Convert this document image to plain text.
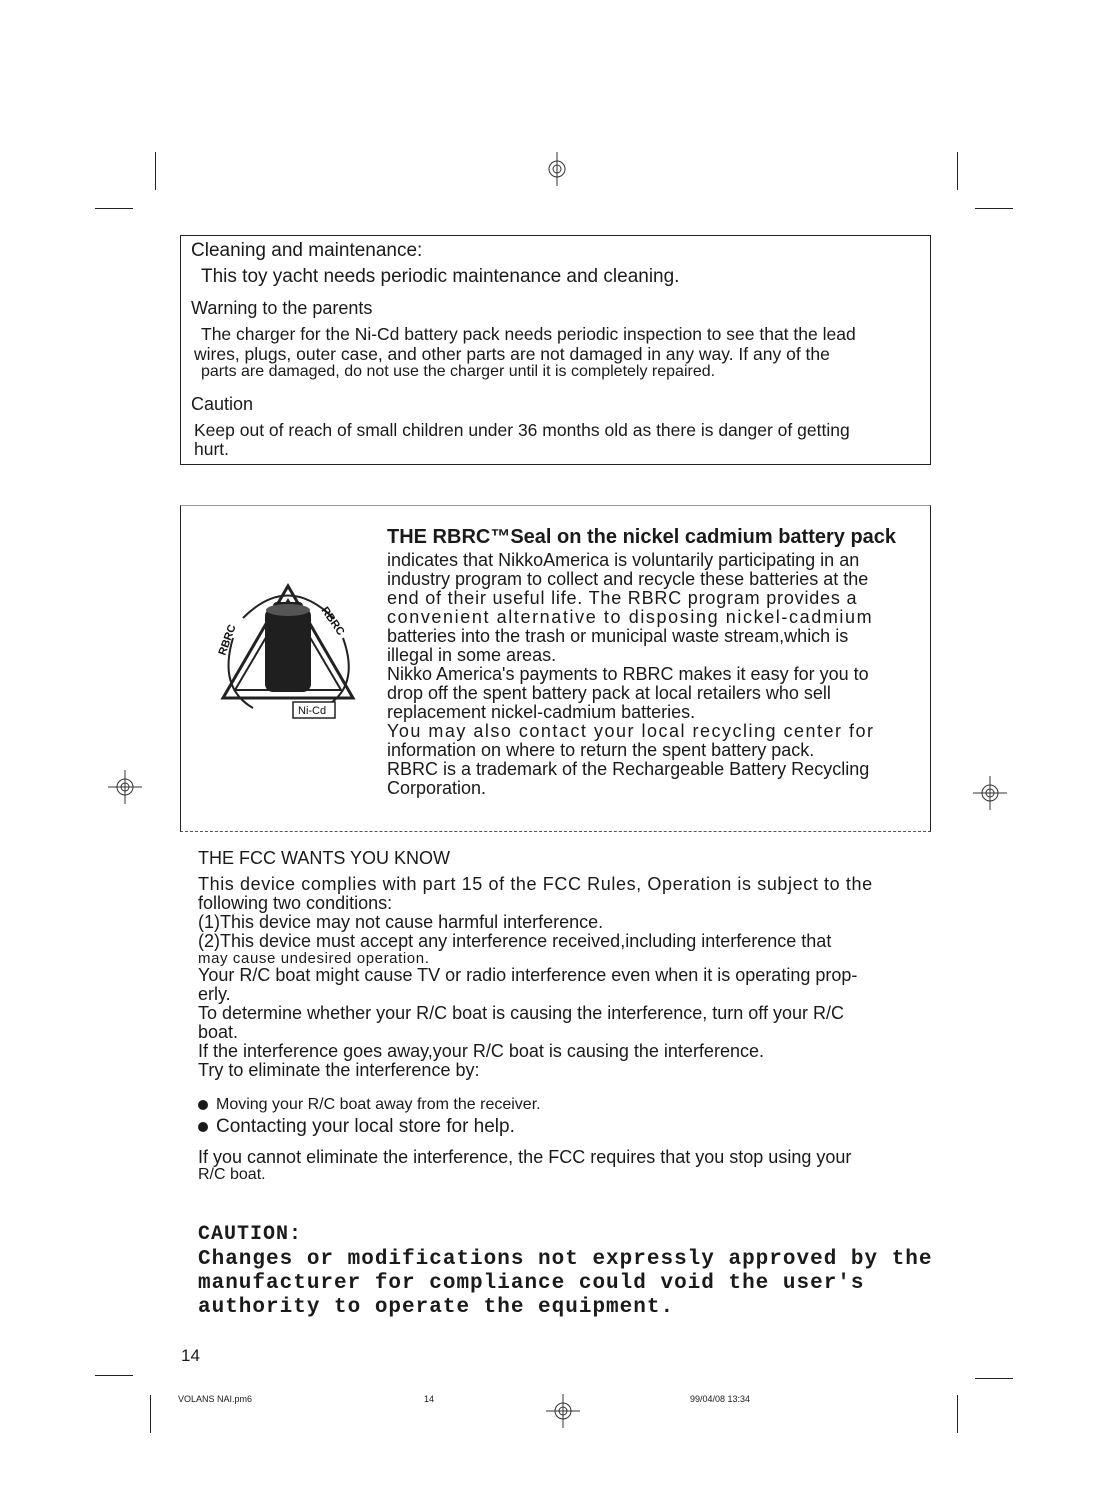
Cleaning and maintenance:
This toy yacht needs periodic maintenance and cleaning.
Warning to the parents
The charger for the Ni-Cd battery pack needs periodic inspection to see that the lead
wires, plugs, outer case, and other parts are not damaged in any way. If any of the
parts are damaged, do not use the charger until it is completely repaired.
Caution
Keep out of reach of small children under 36 months old as there is danger of getting
hurt.
RBRC
RBRC
Ni-Cd
THE RBRC™Seal on the nickel cadmium battery pack
indicates that NikkoAmerica is voluntarily participating in an
industry program to collect and recycle these batteries at the
end of their useful life. The RBRC program provides a
convenient alternative to disposing nickel-cadmium
batteries into the trash or municipal waste stream,which is
illegal in some areas.
Nikko America's payments to RBRC makes it easy for you to
drop off the spent battery pack at local retailers who sell
replacement nickel-cadmium batteries.
You may also contact your local recycling center for
information on where to return the spent battery pack.
RBRC is a trademark of the Rechargeable Battery Recycling
Corporation.
THE FCC WANTS YOU KNOW
This device complies with part 15 of the FCC Rules, Operation is subject to the
following two conditions:
(1)This device may not cause harmful interference.
(2)This device must accept any interference received,including interference that
may cause undesired operation.
Your R/C boat might cause TV or radio interference even when it is operating prop-
erly.
To determine whether your R/C boat is causing the interference, turn off your R/C
boat.
If the interference goes away,your R/C boat is causing the interference.
Try to eliminate the interference by:
Moving your R/C boat away from the receiver.
Contacting your local store for help.
If you cannot eliminate the interference, the FCC requires that you stop using your
R/C boat.
CAUTION:
Changes or modifications not expressly approved by the
manufacturer for compliance could void the user's
authority to operate the equipment.
14
VOLANS NAI.pm6	14	99/04/08 13:34
